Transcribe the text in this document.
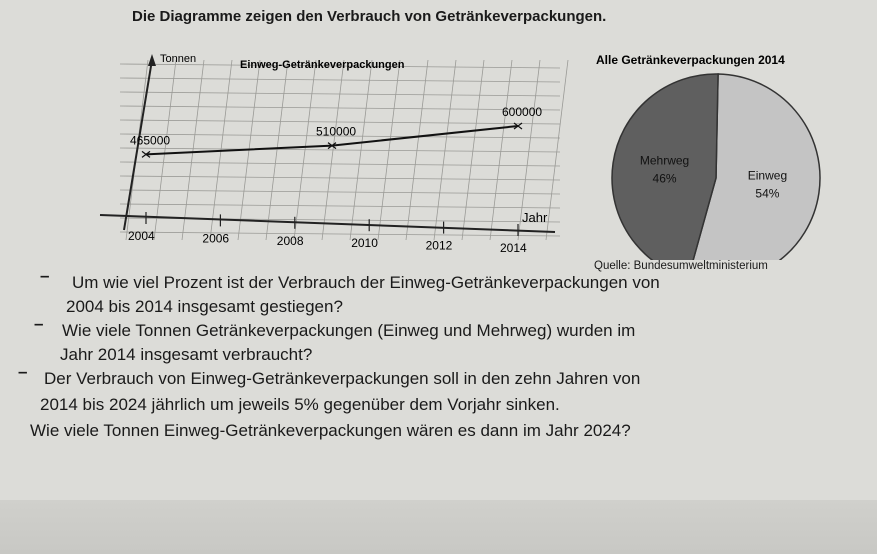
Die Diagramme zeigen den Verbrauch von Getränkeverpackungen.
Tonnen	Einweg-Getränkeverpackungen
Jahr
2004	2006	2008	2010	2012	2014
465000
510000
600000
Alle Getränkeverpackungen 2014
Einweg
54%
Mehrweg
46%
Quelle: Bundesumweltministerium
– Um wie viel Prozent ist der Verbrauch der Einweg-Getränkeverpackungen von
2004 bis 2014 insgesamt gestiegen?
– Wie viele Tonnen Getränkeverpackungen (Einweg und Mehrweg) wurden im
Jahr 2014 insgesamt verbraucht?
– Der Verbrauch von Einweg-Getränkeverpackungen soll in den zehn Jahren von
2014 bis 2024 jährlich um jeweils 5% gegenüber dem Vorjahr sinken.
Wie viele Tonnen Einweg-Getränkeverpackungen wären es dann im Jahr 2024?
